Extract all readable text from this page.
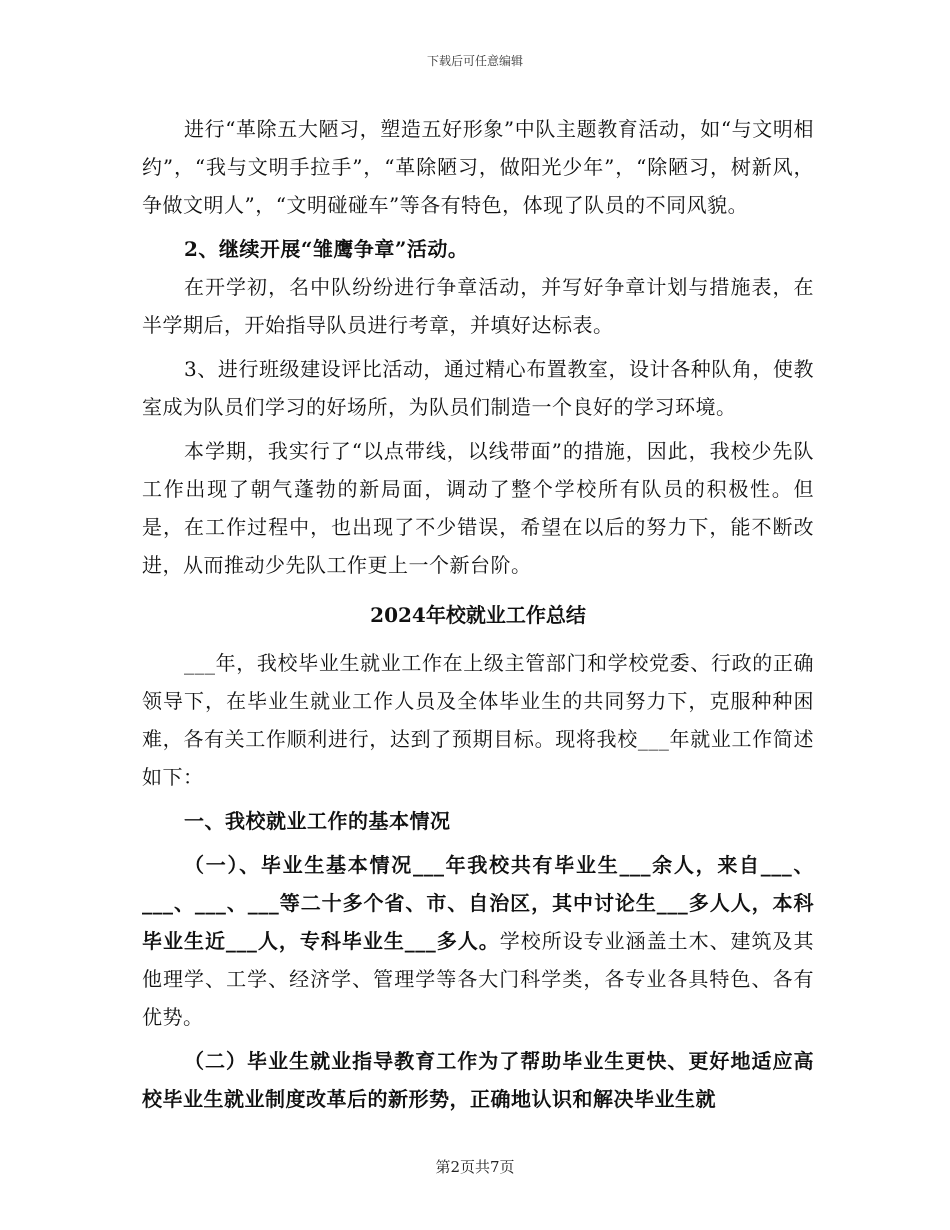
下载后可任意编辑

进行“革除五大陋习，塑造五好形象”中队主题教育活动，如“与文明相约”，“我与文明手拉手”，“革除陋习，做阳光少年”，“除陋习，树新风，争做文明人”，“文明碰碰车”等各有特色，体现了队员的不同风貌。

2、继续开展“雏鹰争章”活动。

在开学初，名中队纷纷进行争章活动，并写好争章计划与措施表，在半学期后，开始指导队员进行考章，并填好达标表。

3、进行班级建设评比活动，通过精心布置教室，设计各种队角，使教室成为队员们学习的好场所，为队员们制造一个良好的学习环境。

本学期，我实行了“以点带线，以线带面”的措施，因此，我校少先队工作出现了朝气蓬勃的新局面，调动了整个学校所有队员的积极性。但是，在工作过程中，也出现了不少错误，希望在以后的努力下，能不断改进，从而推动少先队工作更上一个新台阶。

2024年校就业工作总结

___年，我校毕业生就业工作在上级主管部门和学校党委、行政的正确领导下，在毕业生就业工作人员及全体毕业生的共同努力下，克服种种困难，各有关工作顺利进行，达到了预期目标。现将我校___年就业工作简述如下：

一、我校就业工作的基本情况

（一）、毕业生基本情况___年我校共有毕业生___余人，来自___、___、___、___等二十多个省、市、自治区，其中讨论生___多人人，本科毕业生近___人，专科毕业生___多人。学校所设专业涵盖土木、建筑及其他理学、工学、经济学、管理学等各大门科学类，各专业各具特色、各有优势。

（二）毕业生就业指导教育工作为了帮助毕业生更快、更好地适应高校毕业生就业制度改革后的新形势，正确地认识和解决毕业生就

第2页共7页
